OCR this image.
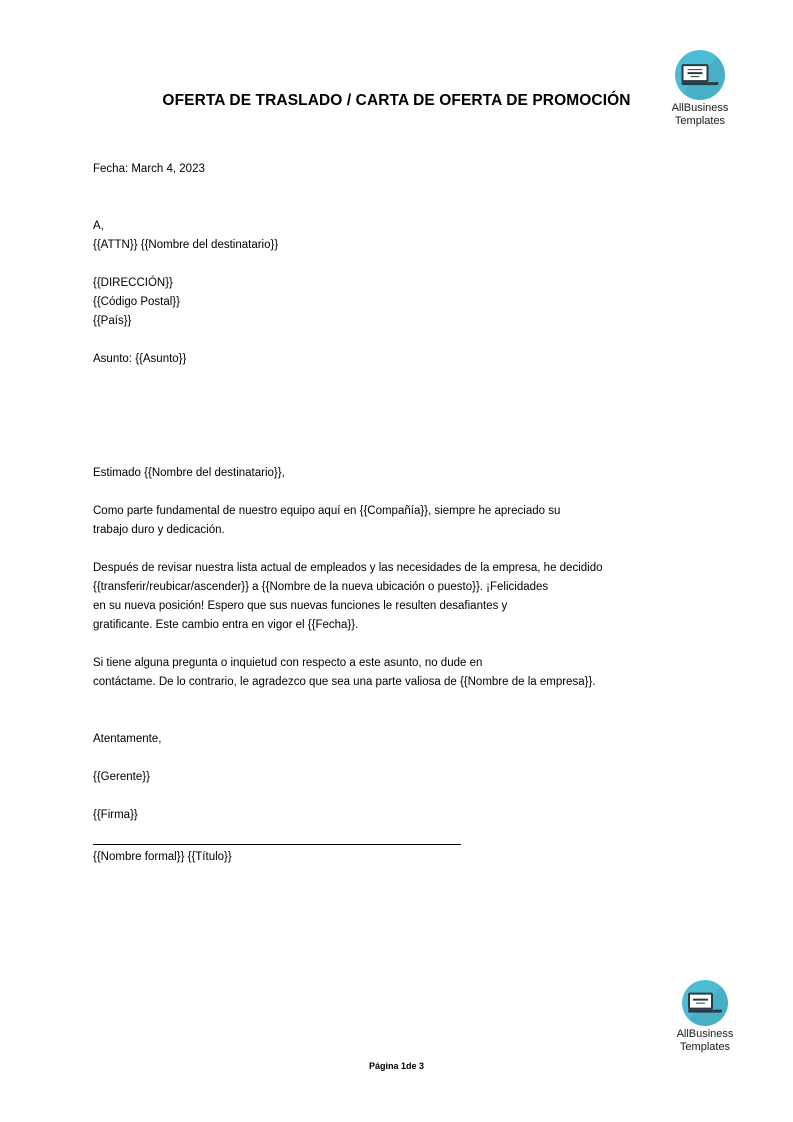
OFERTA DE TRASLADO / CARTA DE OFERTA DE PROMOCIÓN	AllBusiness
Templates
Fecha: March 4, 2023
A,
{{ATTN}} {{Nombre del destinatario}}
{{DIRECCIÓN}}
{{Código Postal}}
{{País}}
Asunto: {{Asunto}}
Estimado {{Nombre del destinatario}},
Como parte fundamental de nuestro equipo aquí en {{Compañía}}, siempre he apreciado su
trabajo duro y dedicación.
Después de revisar nuestra lista actual de empleados y las necesidades de la empresa, he decidido
{{transferir/reubicar/ascender}} a {{Nombre de la nueva ubicación o puesto}}. ¡Felicidades
en su nueva posición! Espero que sus nuevas funciones le resulten desafiantes y
gratificante. Este cambio entra en vigor el {{Fecha}}.
Si tiene alguna pregunta o inquietud con respecto a este asunto, no dude en
contáctame. De lo contrario, le agradezco que sea una parte valiosa de {{Nombre de la empresa}}.
Atentamente,
{{Gerente}}
{{Firma}}
{{Nombre formal}} {{Título}}
AllBusiness
Templates
Página 1de 3
